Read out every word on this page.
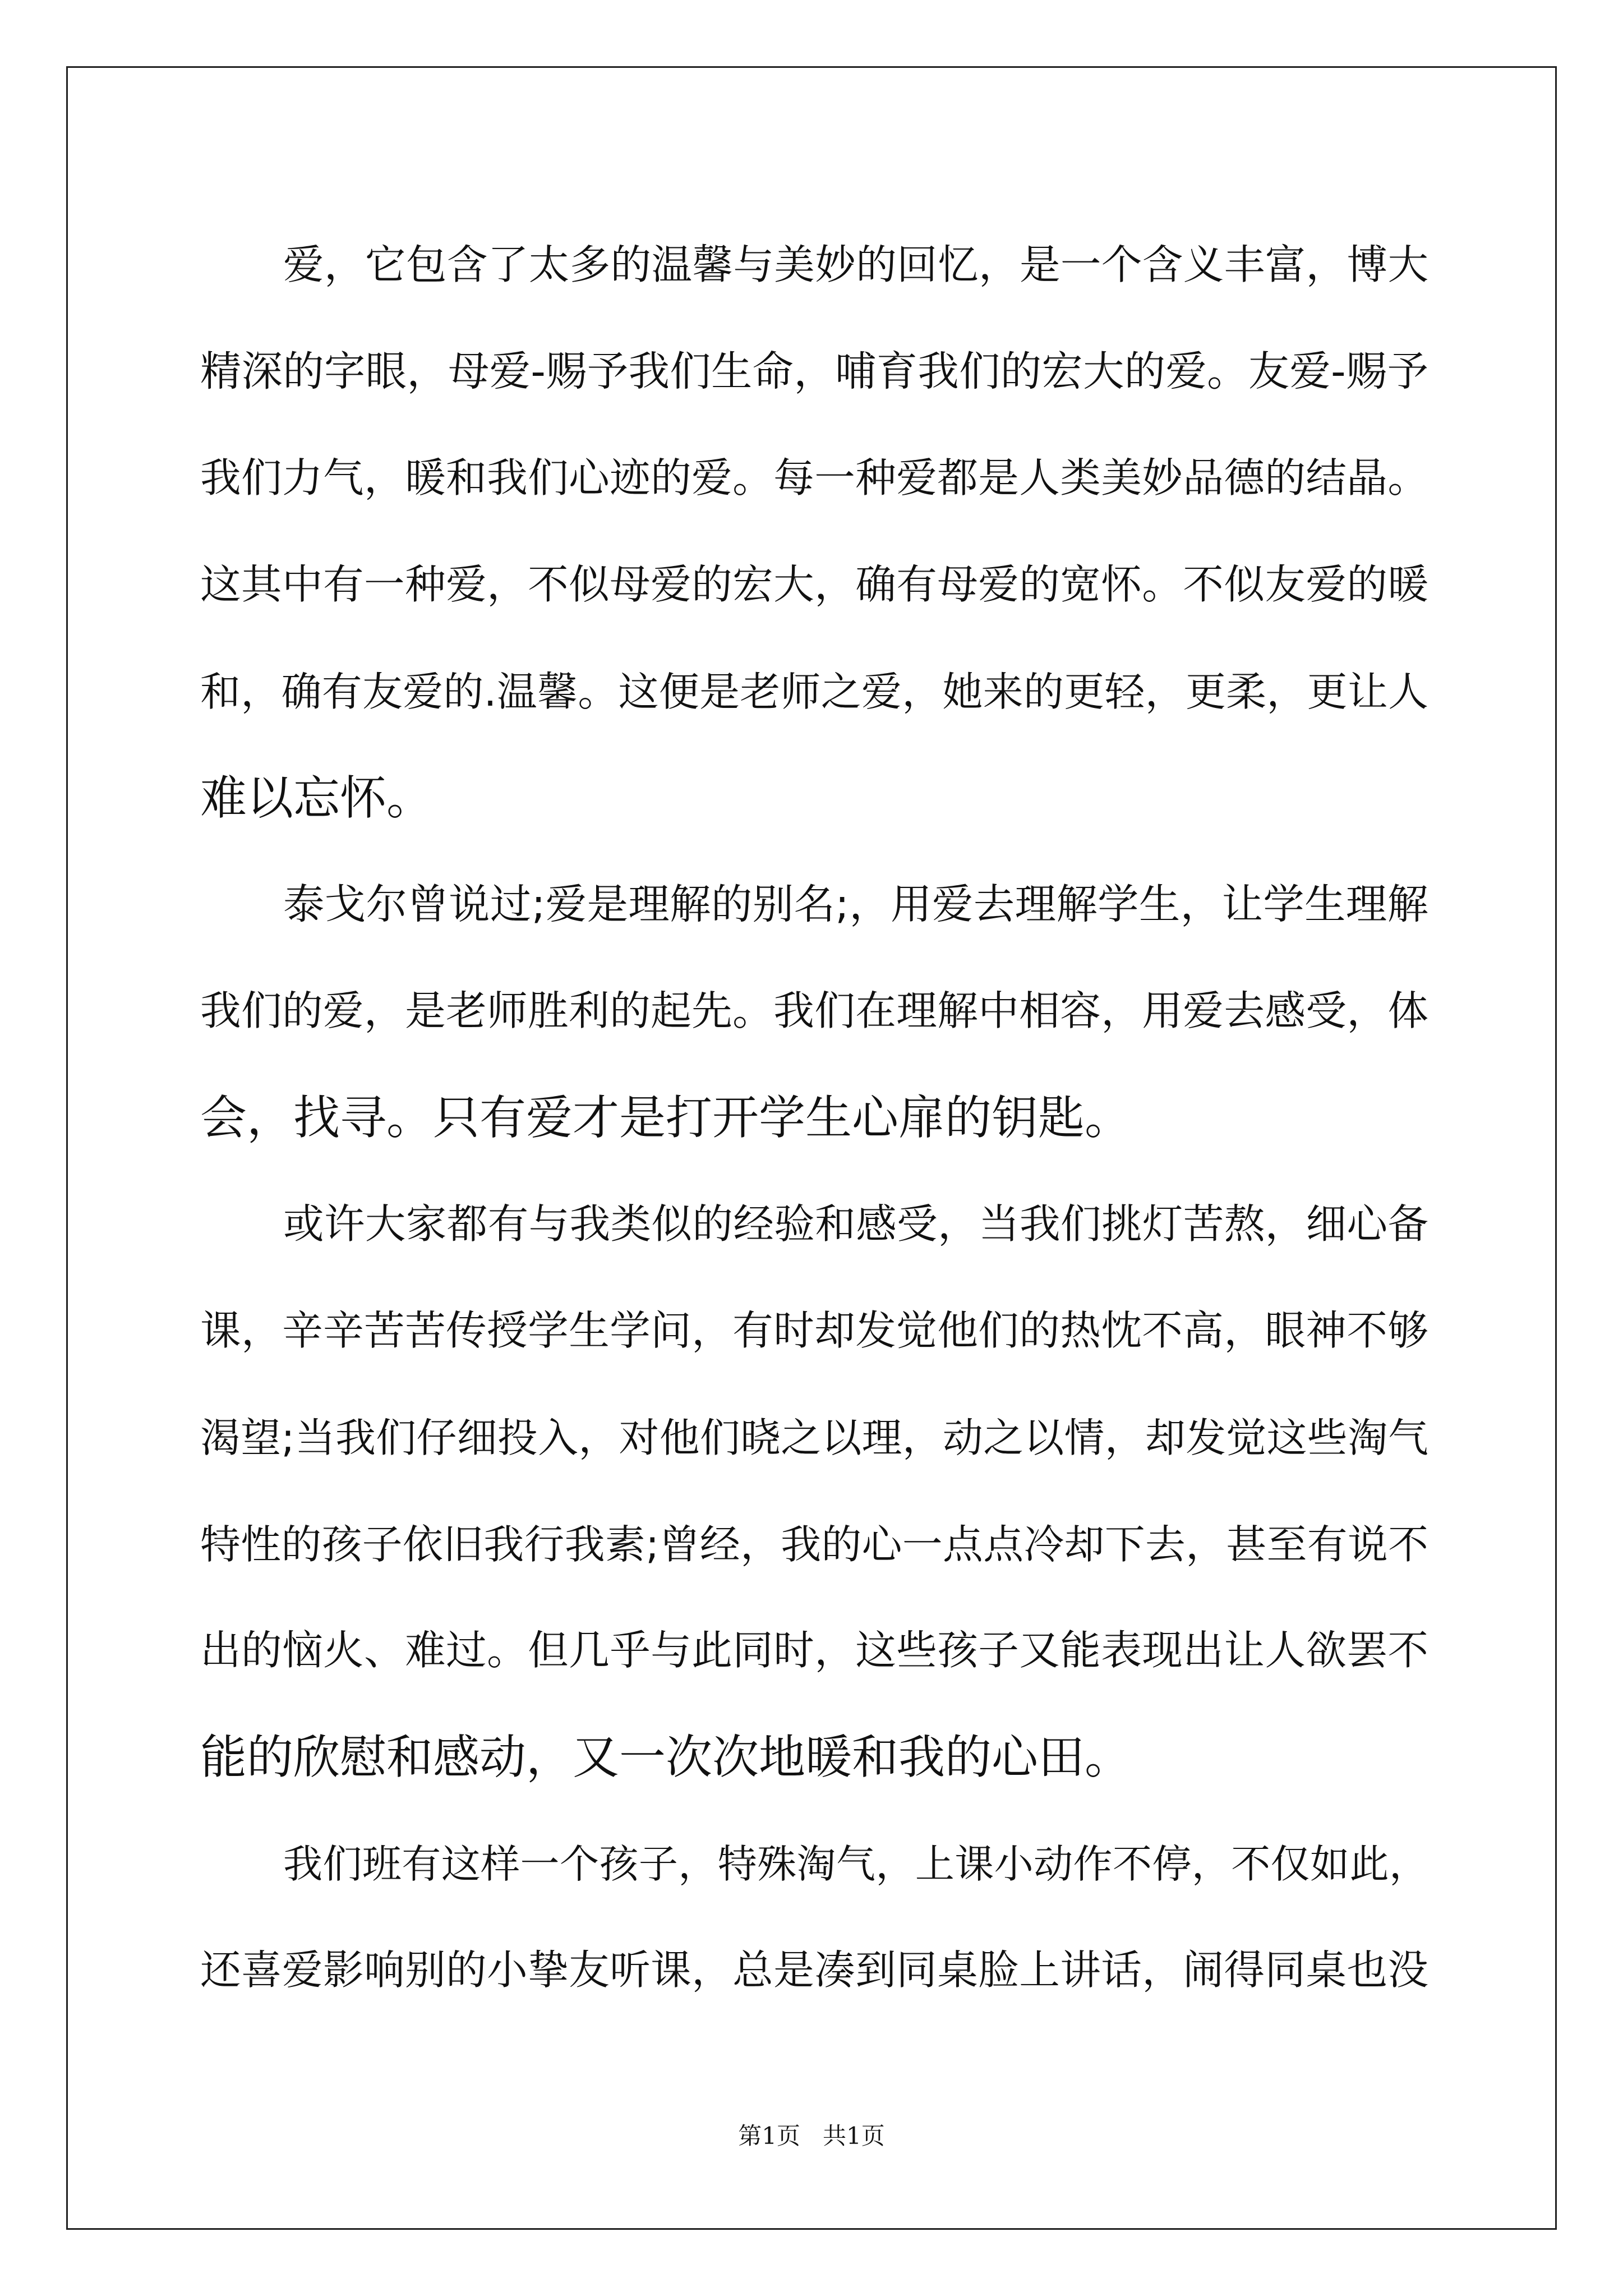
爱，它包含了太多的温馨与美妙的回忆，是一个含义丰富，博大
精深的字眼，母爱-赐予我们生命，哺育我们的宏大的爱。友爱-赐予
我们力气，暖和我们心迹的爱。每一种爱都是人类美妙品德的结晶。
这其中有一种爱，不似母爱的宏大，确有母爱的宽怀。不似友爱的暖
和，确有友爱的.温馨。这便是老师之爱，她来的更轻，更柔，更让人
难以忘怀。
泰戈尔曾说过;爱是理解的别名;，用爱去理解学生，让学生理解
我们的爱，是老师胜利的起先。我们在理解中相容，用爱去感受，体
会，找寻。只有爱才是打开学生心扉的钥匙。
或许大家都有与我类似的经验和感受，当我们挑灯苦熬，细心备
课，辛辛苦苦传授学生学问，有时却发觉他们的热忱不高，眼神不够
渴望;当我们仔细投入，对他们晓之以理，动之以情，却发觉这些淘气
特性的孩子依旧我行我素;曾经，我的心一点点冷却下去，甚至有说不
出的恼火、难过。但几乎与此同时，这些孩子又能表现出让人欲罢不
能的欣慰和感动，又一次次地暖和我的心田。
我们班有这样一个孩子，特殊淘气，上课小动作不停，不仅如此，
还喜爱影响别的小挚友听课，总是凑到同桌脸上讲话，闹得同桌也没
第1页 共1页
